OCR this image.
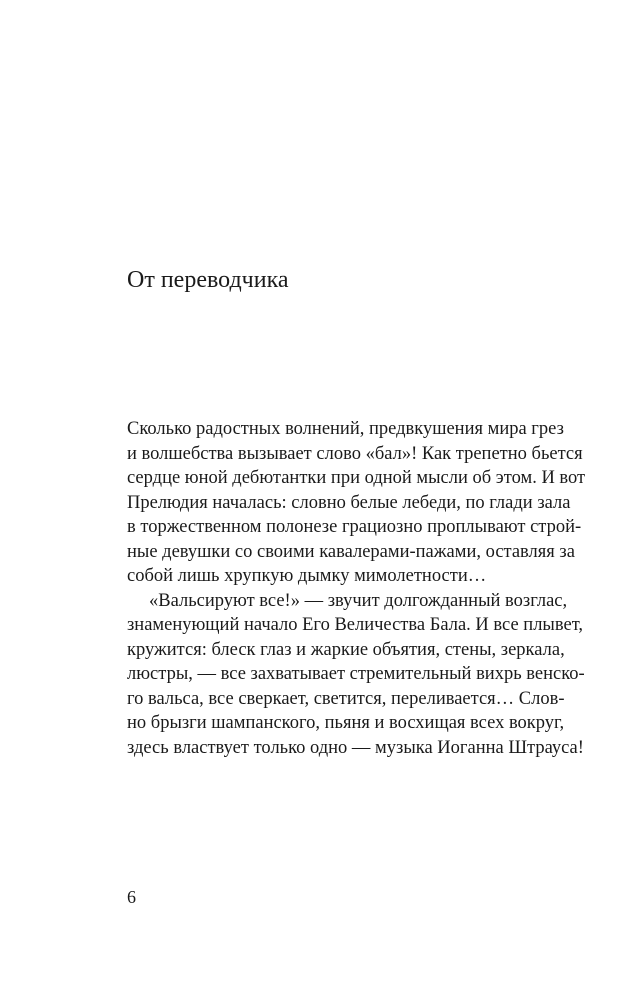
От переводчика

Сколько радостных волнений, предвкушения мира грез
и волшебства вызывает слово «бал»! Как трепетно бьется
сердце юной дебютантки при одной мысли об этом. И вот
Прелюдия началась: словно белые лебеди, по глади зала
в торжественном полонезе грациозно проплывают строй-
ные девушки со своими кавалерами-пажами, оставляя за
собой лишь хрупкую дымку мимолетности…

«Вальсируют все!» — звучит долгожданный возглас,
знаменующий начало Его Величества Бала. И все плывет,
кружится: блеск глаз и жаркие объятия, стены, зеркала,
люстры, — все захватывает стремительный вихрь венско-
го вальса, все сверкает, светится, переливается… Слов-
но брызги шампанского, пьяня и восхищая всех вокруг,
здесь властвует только одно — музыка Иоганна Штрауса!

6
